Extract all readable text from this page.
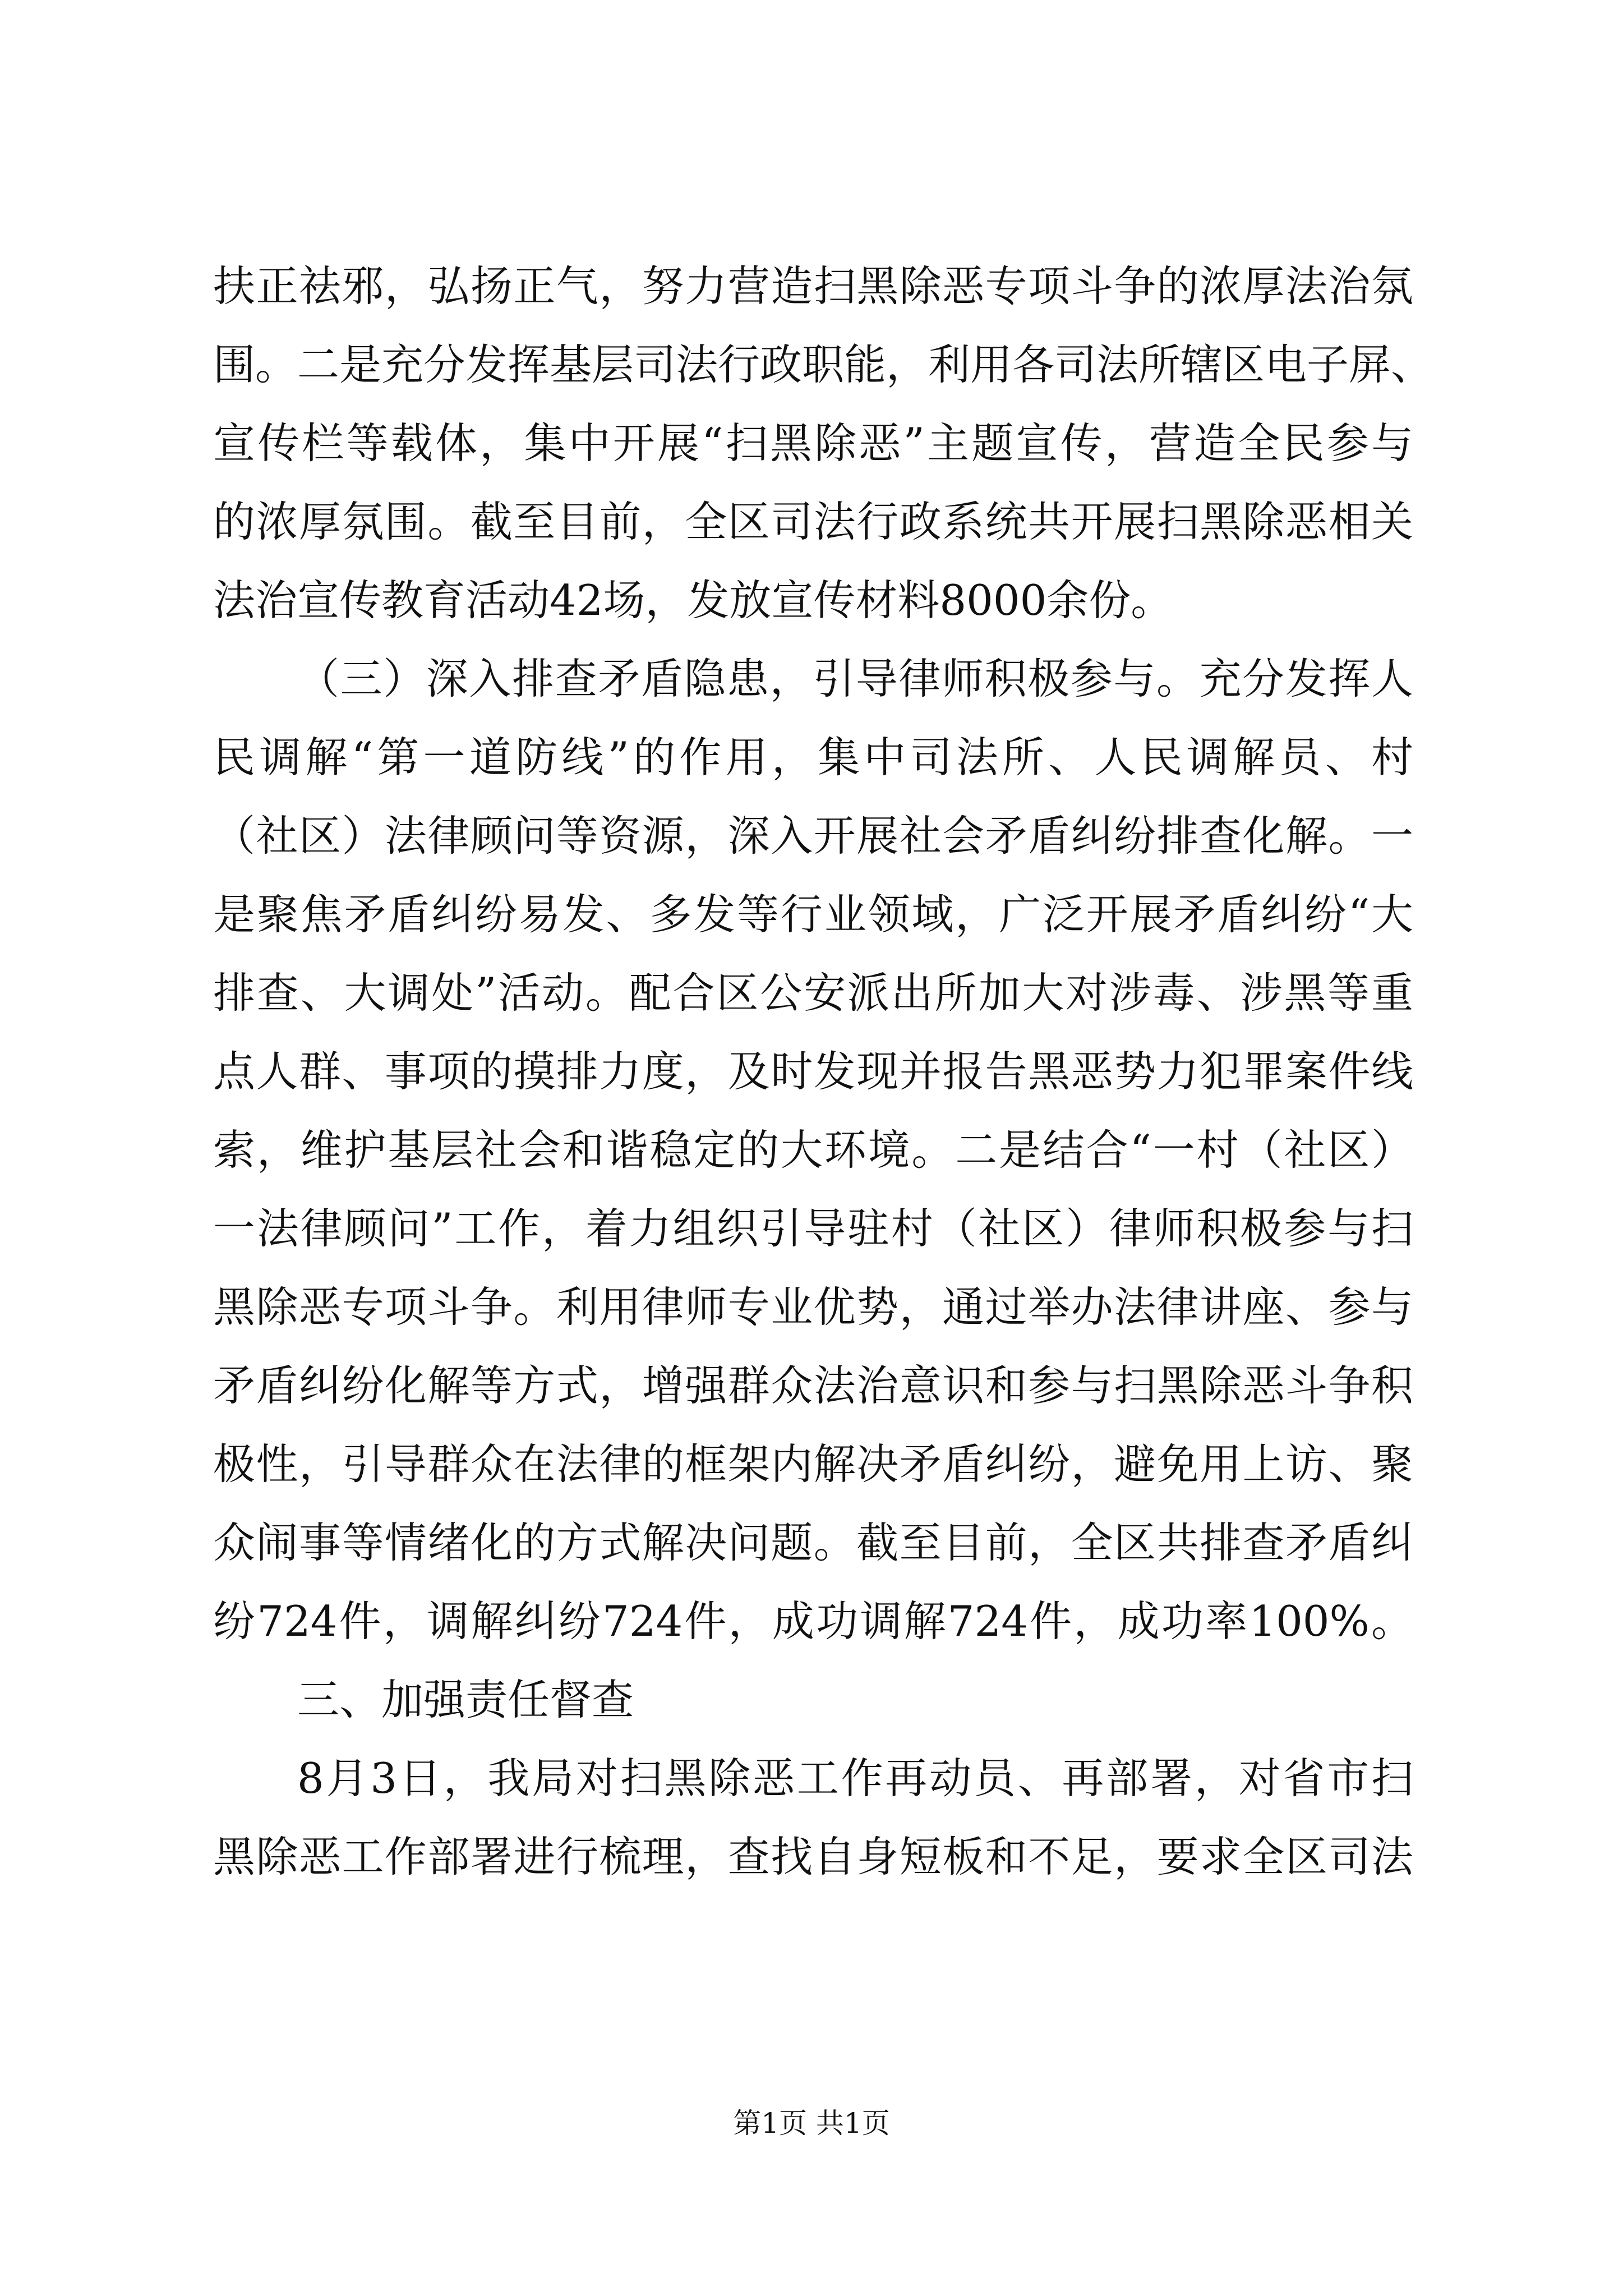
扶正祛邪，弘扬正气，努力营造扫黑除恶专项斗争的浓厚法治氛
围。二是充分发挥基层司法行政职能，利用各司法所辖区电子屏、
宣传栏等载体，集中开展“扫黑除恶”主题宣传，营造全民参与
的浓厚氛围。截至目前，全区司法行政系统共开展扫黑除恶相关
法治宣传教育活动42场，发放宣传材料8000余份。
（三）深入排查矛盾隐患，引导律师积极参与。充分发挥人
民调解“第一道防线”的作用，集中司法所、人民调解员、村
（社区）法律顾问等资源，深入开展社会矛盾纠纷排查化解。一
是聚焦矛盾纠纷易发、多发等行业领域，广泛开展矛盾纠纷“大
排查、大调处”活动。配合区公安派出所加大对涉毒、涉黑等重
点人群、事项的摸排力度，及时发现并报告黑恶势力犯罪案件线
索，维护基层社会和谐稳定的大环境。二是结合“一村（社区）
一法律顾问”工作，着力组织引导驻村（社区）律师积极参与扫
黑除恶专项斗争。利用律师专业优势，通过举办法律讲座、参与
矛盾纠纷化解等方式，增强群众法治意识和参与扫黑除恶斗争积
极性，引导群众在法律的框架内解决矛盾纠纷，避免用上访、聚
众闹事等情绪化的方式解决问题。截至目前，全区共排查矛盾纠
纷724件，调解纠纷724件，成功调解724件，成功率100%。
三、加强责任督查
8月3日，我局对扫黑除恶工作再动员、再部署，对省市扫
黑除恶工作部署进行梳理，查找自身短板和不足，要求全区司法
第1页 共1页
